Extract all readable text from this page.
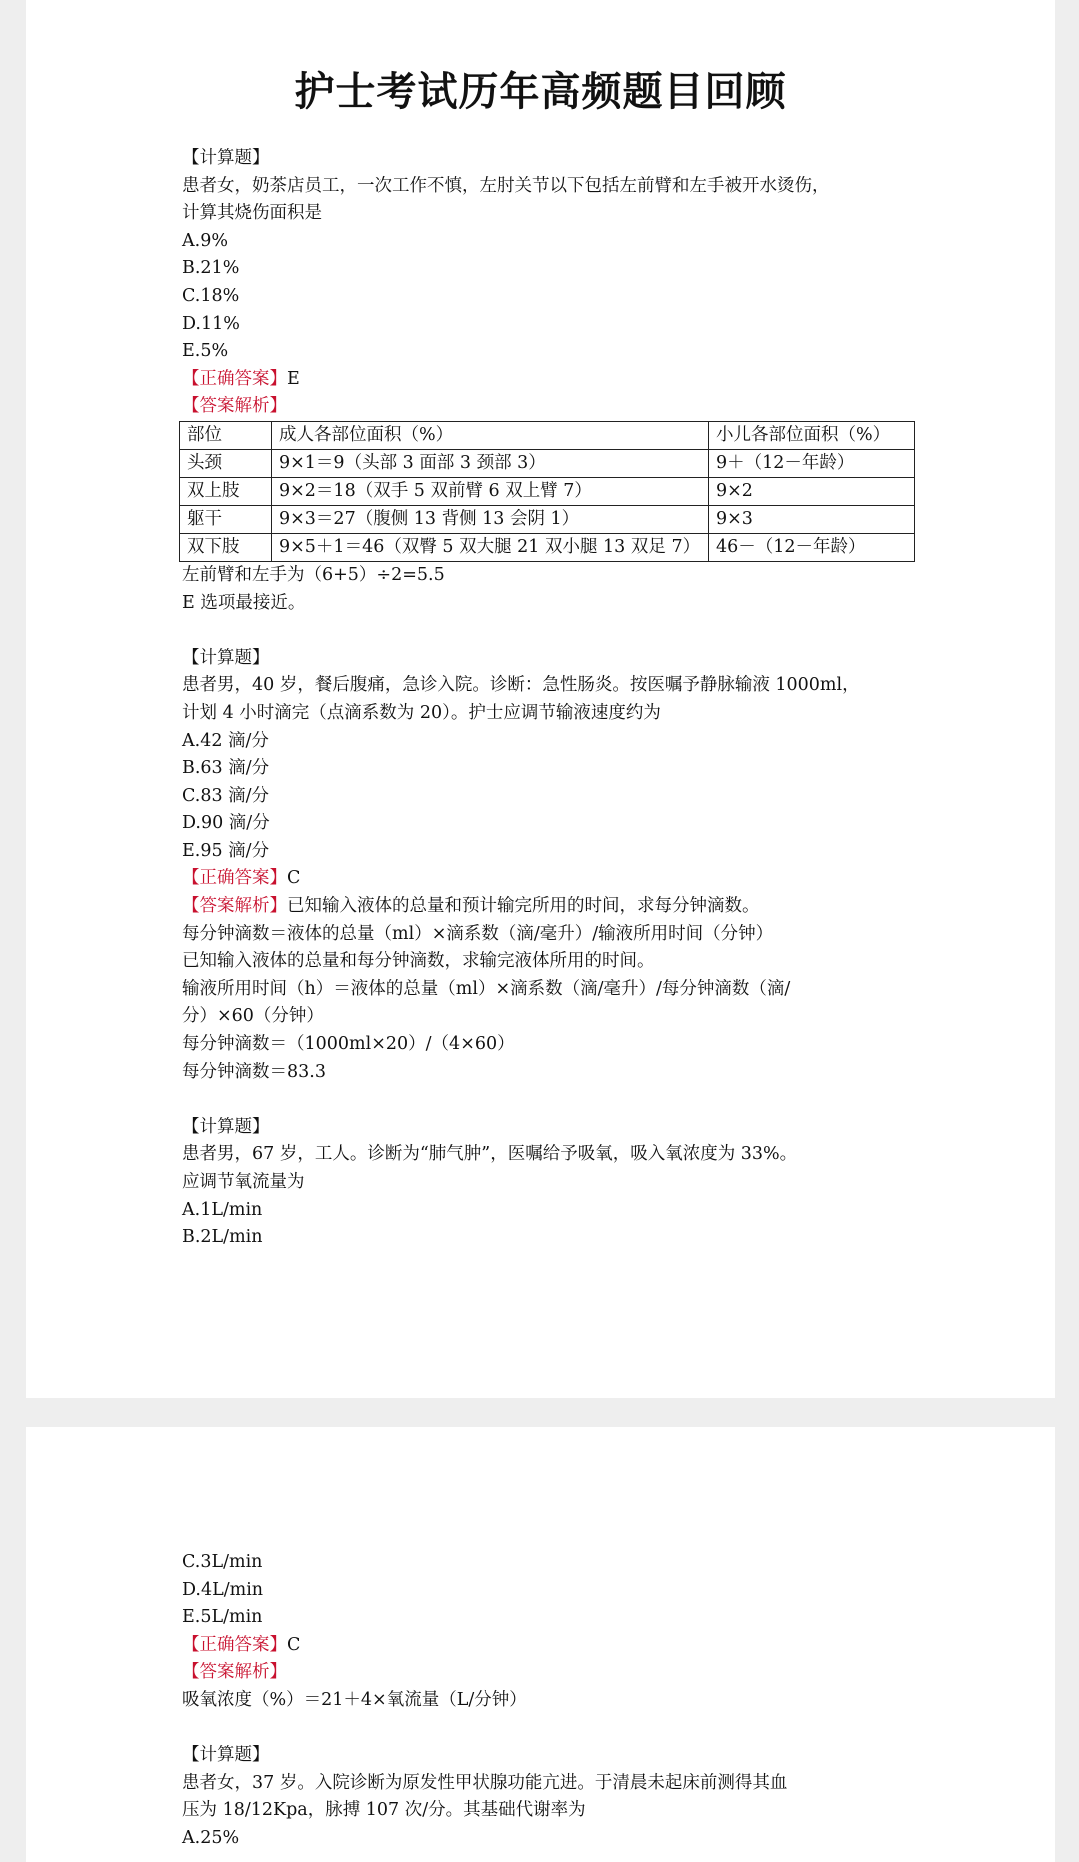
护士考试历年高频题目回顾
【计算题】
患者女，奶茶店员工，一次工作不慎，左肘关节以下包括左前臂和左手被开水烫伤，
计算其烧伤面积是
A.9%
B.21%
C.18%
D.11%
E.5%
【正确答案】E
【答案解析】
部位	成人各部位面积（%）	小儿各部位面积（%）
头颈	9×1＝9（头部 3 面部 3 颈部 3）	9＋（12－年龄）
双上肢	9×2＝18（双手 5 双前臂 6 双上臂 7）	9×2
躯干	9×3＝27（腹侧 13 背侧 13 会阴 1）	9×3
双下肢	9×5＋1＝46（双臀 5 双大腿 21 双小腿 13 双足 7）	46－（12－年龄）
左前臂和左手为（6+5）÷2=5.5
E 选项最接近。
【计算题】
患者男，40 岁，餐后腹痛，急诊入院。诊断：急性肠炎。按医嘱予静脉输液 1000ml，
计划 4 小时滴完（点滴系数为 20）。护士应调节输液速度约为
A.42 滴/分
B.63 滴/分
C.83 滴/分
D.90 滴/分
E.95 滴/分
【正确答案】C
【答案解析】已知输入液体的总量和预计输完所用的时间，求每分钟滴数。
每分钟滴数＝液体的总量（ml）×滴系数（滴/毫升）/输液所用时间（分钟）
已知输入液体的总量和每分钟滴数，求输完液体所用的时间。
输液所用时间（h）＝液体的总量（ml）×滴系数（滴/毫升）/每分钟滴数（滴/
分）×60（分钟）
每分钟滴数＝（1000ml×20）/（4×60）
每分钟滴数＝83.3
【计算题】
患者男，67 岁，工人。诊断为“肺气肿”，医嘱给予吸氧，吸入氧浓度为 33%。
应调节氧流量为
A.1L/min
B.2L/min
C.3L/min
D.4L/min
E.5L/min
【正确答案】C
【答案解析】
吸氧浓度（%）＝21＋4×氧流量（L/分钟）
【计算题】
患者女，37 岁。入院诊断为原发性甲状腺功能亢进。于清晨未起床前测得其血
压为 18/12Kpa，脉搏 107 次/分。其基础代谢率为
A.25%
